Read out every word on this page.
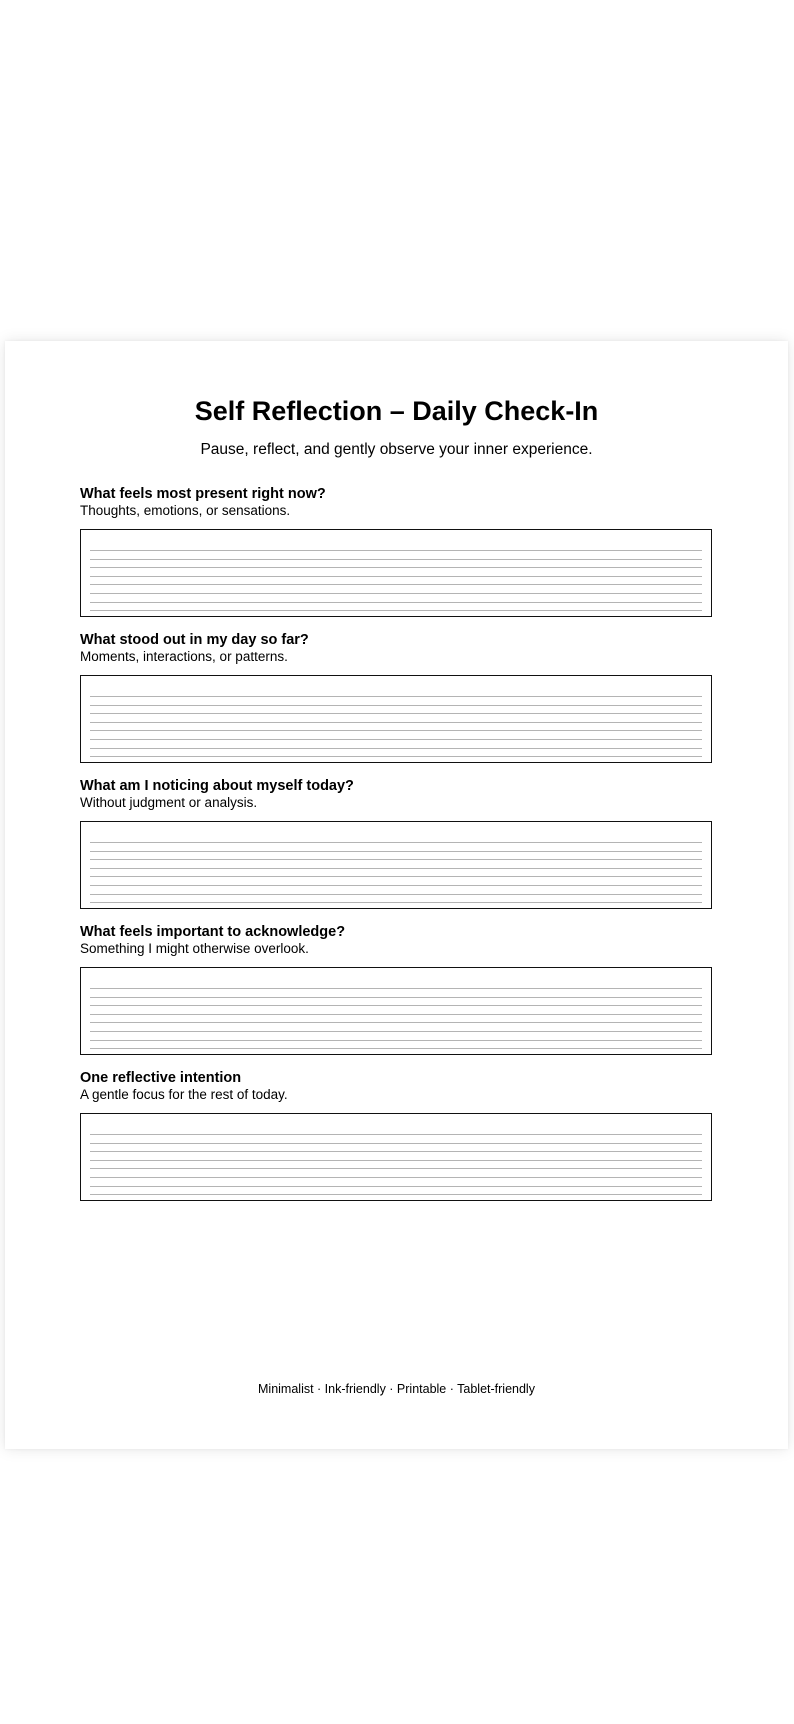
Self Reflection – Daily Check-In

Pause, reflect, and gently observe your inner experience.

What feels most present right now?

Thoughts, emotions, or sensations.

What stood out in my day so far?

Moments, interactions, or patterns.

What am I noticing about myself today?

Without judgment or analysis.

What feels important to acknowledge?

Something I might otherwise overlook.

One reflective intention

A gentle focus for the rest of today.

Minimalist · Ink-friendly · Printable · Tablet-friendly
